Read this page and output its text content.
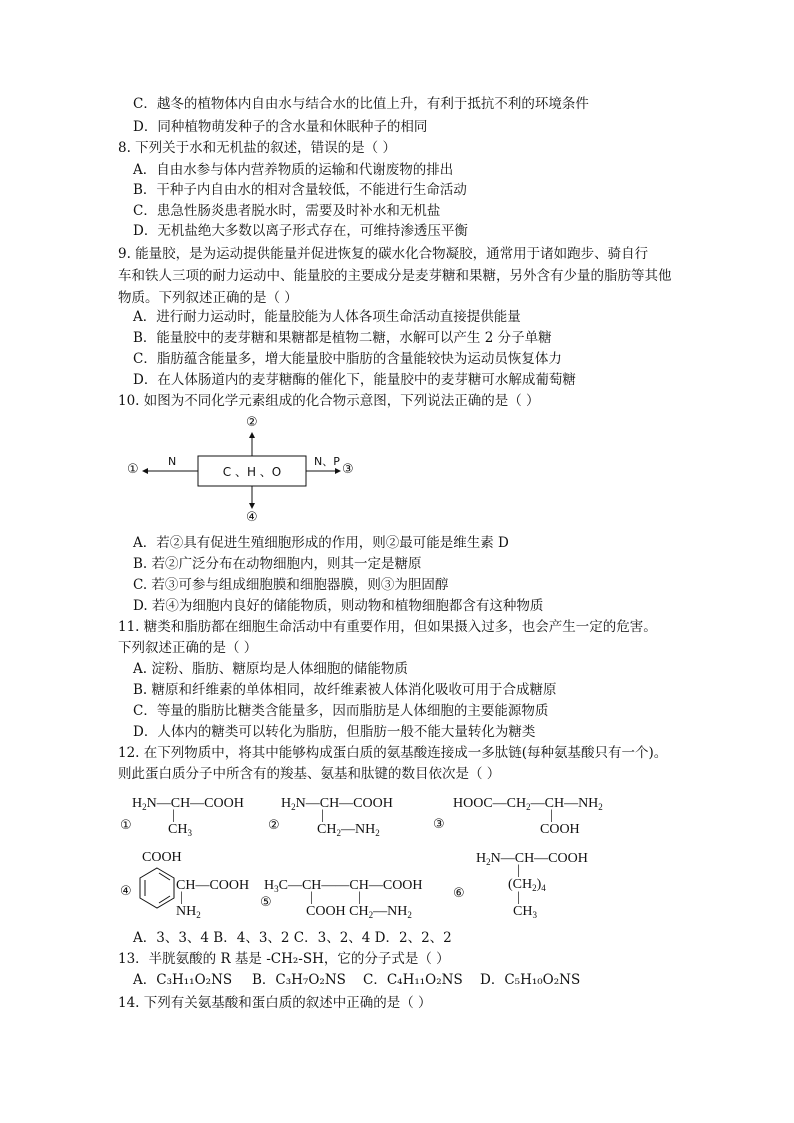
C．越冬的植物体内自由水与结合水的比值上升，有利于抵抗不利的环境条件
D．同种植物萌发种子的含水量和休眠种子的相同
8. 下列关于水和无机盐的叙述，错误的是（ ）
A．自由水参与体内营养物质的运输和代谢废物的排出
B．干种子内自由水的相对含量较低，不能进行生命活动
C．患急性肠炎患者脱水时，需要及时补水和无机盐
D．无机盐绝大多数以离子形式存在，可维持渗透压平衡
9. 能量胶，是为运动提供能量并促进恢复的碳水化合物凝胶，通常用于诸如跑步、骑自行
车和铁人三项的耐力运动中、能量胶的主要成分是麦芽糖和果糖，另外含有少量的脂肪等其他
物质。下列叙述正确的是（ ）
A．进行耐力运动时，能量胶能为人体各项生命活动直接提供能量
B．能量胶中的麦芽糖和果糖都是植物二糖，水解可以产生 2 分子单糖
C．脂肪蕴含能量多，增大能量胶中脂肪的含量能较快为运动员恢复体力
D．在人体肠道内的麦芽糖酶的催化下，能量胶中的麦芽糖可水解成葡萄糖
10. 如图为不同化学元素组成的化合物示意图，下列说法正确的是（ ）
C 、H 、O
N	N、P
①
②
③
④
A．若②具有促进生殖细胞形成的作用，则②最可能是维生素 D
B. 若②广泛分布在动物细胞内，则其一定是糖原
C. 若③可参与组成细胞膜和细胞器膜，则③为胆固醇
D. 若④为细胞内良好的储能物质，则动物和植物细胞都含有这种物质
11. 糖类和脂肪都在细胞生命活动中有重要作用，但如果摄入过多，也会产生一定的危害。
下列叙述正确的是（ ）
A. 淀粉、脂肪、糖原均是人体细胞的储能物质
B. 糖原和纤维素的单体相同，故纤维素被人体消化吸收可用于合成糖原
C．等量的脂肪比糖类含能量多，因而脂肪是人体细胞的主要能源物质
D．人体内的糖类可以转化为脂肪，但脂肪一般不能大量转化为糖类
12. 在下列物质中，将其中能够构成蛋白质的氨基酸连接成一多肽链(每种氨基酸只有一个)。
则此蛋白质分子中所含有的羧基、氨基和肽键的数目依次是（ ）
$H_2N—CH—COOH$
|
$CH_3$
①
$H_2N—CH—COOH$
|
$CH_2—NH_2$
②
$HOOC—CH_2—CH—NH_2$
|
COOH
③
COOH
CH—COOH
|
$NH_2$
④	$H_3C—CH——CH—COOH$
|	|
COOH $CH_2—NH_2$
⑤
$H_2N—CH—COOH$
|
$(CH_2)_4$
|
$CH_3$
⑥
A．3、3、4 B．4、3、2 C．3、2、4 D．2、2、2
13．半胱氨酸的 R 基是 -CH₂-SH，它的分子式是（ ）
A．C₃H₁₁O₂NS B．C₃H₇O₂NS C．C₄H₁₁O₂NS D．C₅H₁₀O₂NS
14. 下列有关氨基酸和蛋白质的叙述中正确的是（ ）
